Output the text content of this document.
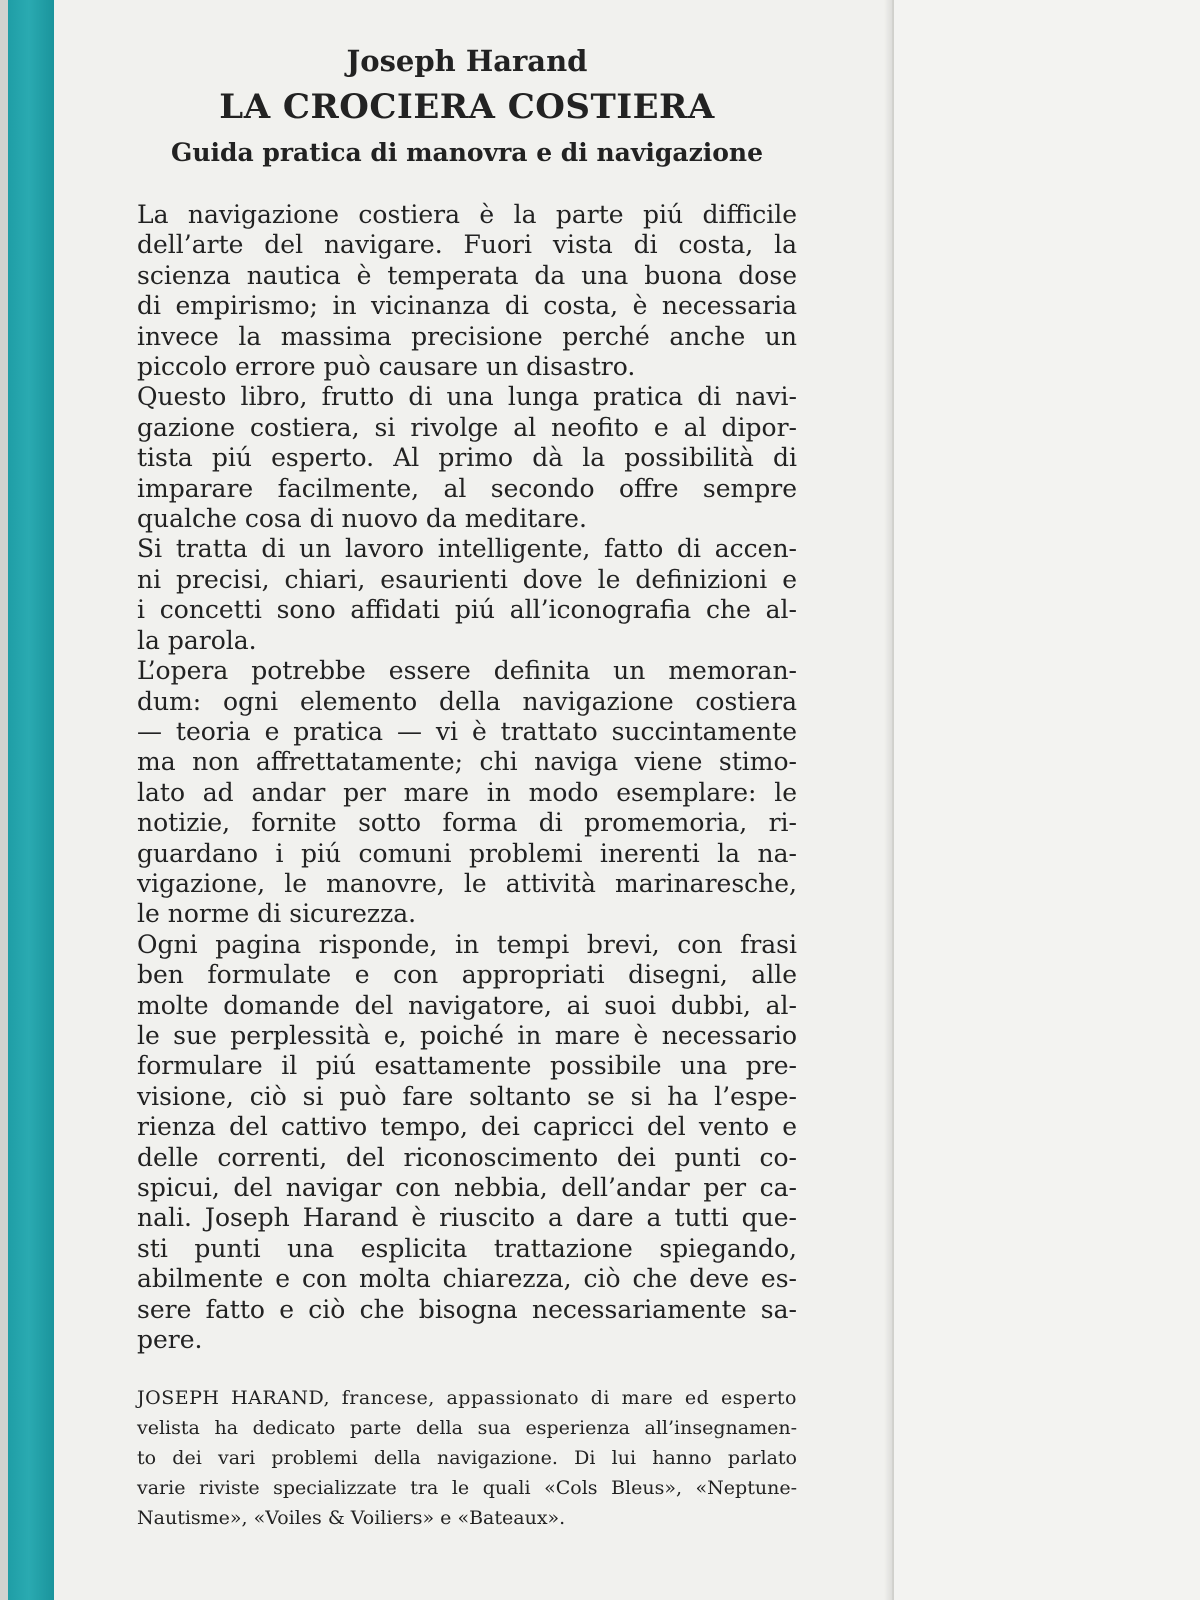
Joseph Harand
LA CROCIERA COSTIERA
Guida pratica di manovra e di navigazione

La navigazione costiera è la parte piú difficile
dell’arte del navigare. Fuori vista di costa, la
scienza nautica è temperata da una buona dose
di empirismo; in vicinanza di costa, è necessaria
invece la massima precisione perché anche un
piccolo errore può causare un disastro.

Questo libro, frutto di una lunga pratica di navi-
gazione costiera, si rivolge al neofito e al dipor-
tista piú esperto. Al primo dà la possibilità di
imparare facilmente, al secondo offre sempre
qualche cosa di nuovo da meditare.

Si tratta di un lavoro intelligente, fatto di accen-
ni precisi, chiari, esaurienti dove le definizioni e
i concetti sono affidati piú all’iconografia che al-
la parola.

L’opera potrebbe essere definita un memoran-
dum: ogni elemento della navigazione costiera
— teoria e pratica — vi è trattato succintamente
ma non affrettatamente; chi naviga viene stimo-
lato ad andar per mare in modo esemplare: le
notizie, fornite sotto forma di promemoria, ri-
guardano i piú comuni problemi inerenti la na-
vigazione, le manovre, le attività marinaresche,
le norme di sicurezza.

Ogni pagina risponde, in tempi brevi, con frasi
ben formulate e con appropriati disegni, alle
molte domande del navigatore, ai suoi dubbi, al-
le sue perplessità e, poiché in mare è necessario
formulare il piú esattamente possibile una pre-
visione, ciò si può fare soltanto se si ha l’espe-
rienza del cattivo tempo, dei capricci del vento e
delle correnti, del riconoscimento dei punti co-
spicui, del navigar con nebbia, dell’andar per ca-
nali. Joseph Harand è riuscito a dare a tutti que-
sti punti una esplicita trattazione spiegando,
abilmente e con molta chiarezza, ciò che deve es-
sere fatto e ciò che bisogna necessariamente sa-
pere.

JOSEPH HARAND, francese, appassionato di mare ed esperto
velista ha dedicato parte della sua esperienza all’insegnamen-
to dei vari problemi della navigazione. Di lui hanno parlato
varie riviste specializzate tra le quali «Cols Bleus», «Neptune-
Nautisme», «Voiles & Voiliers» e «Bateaux».
